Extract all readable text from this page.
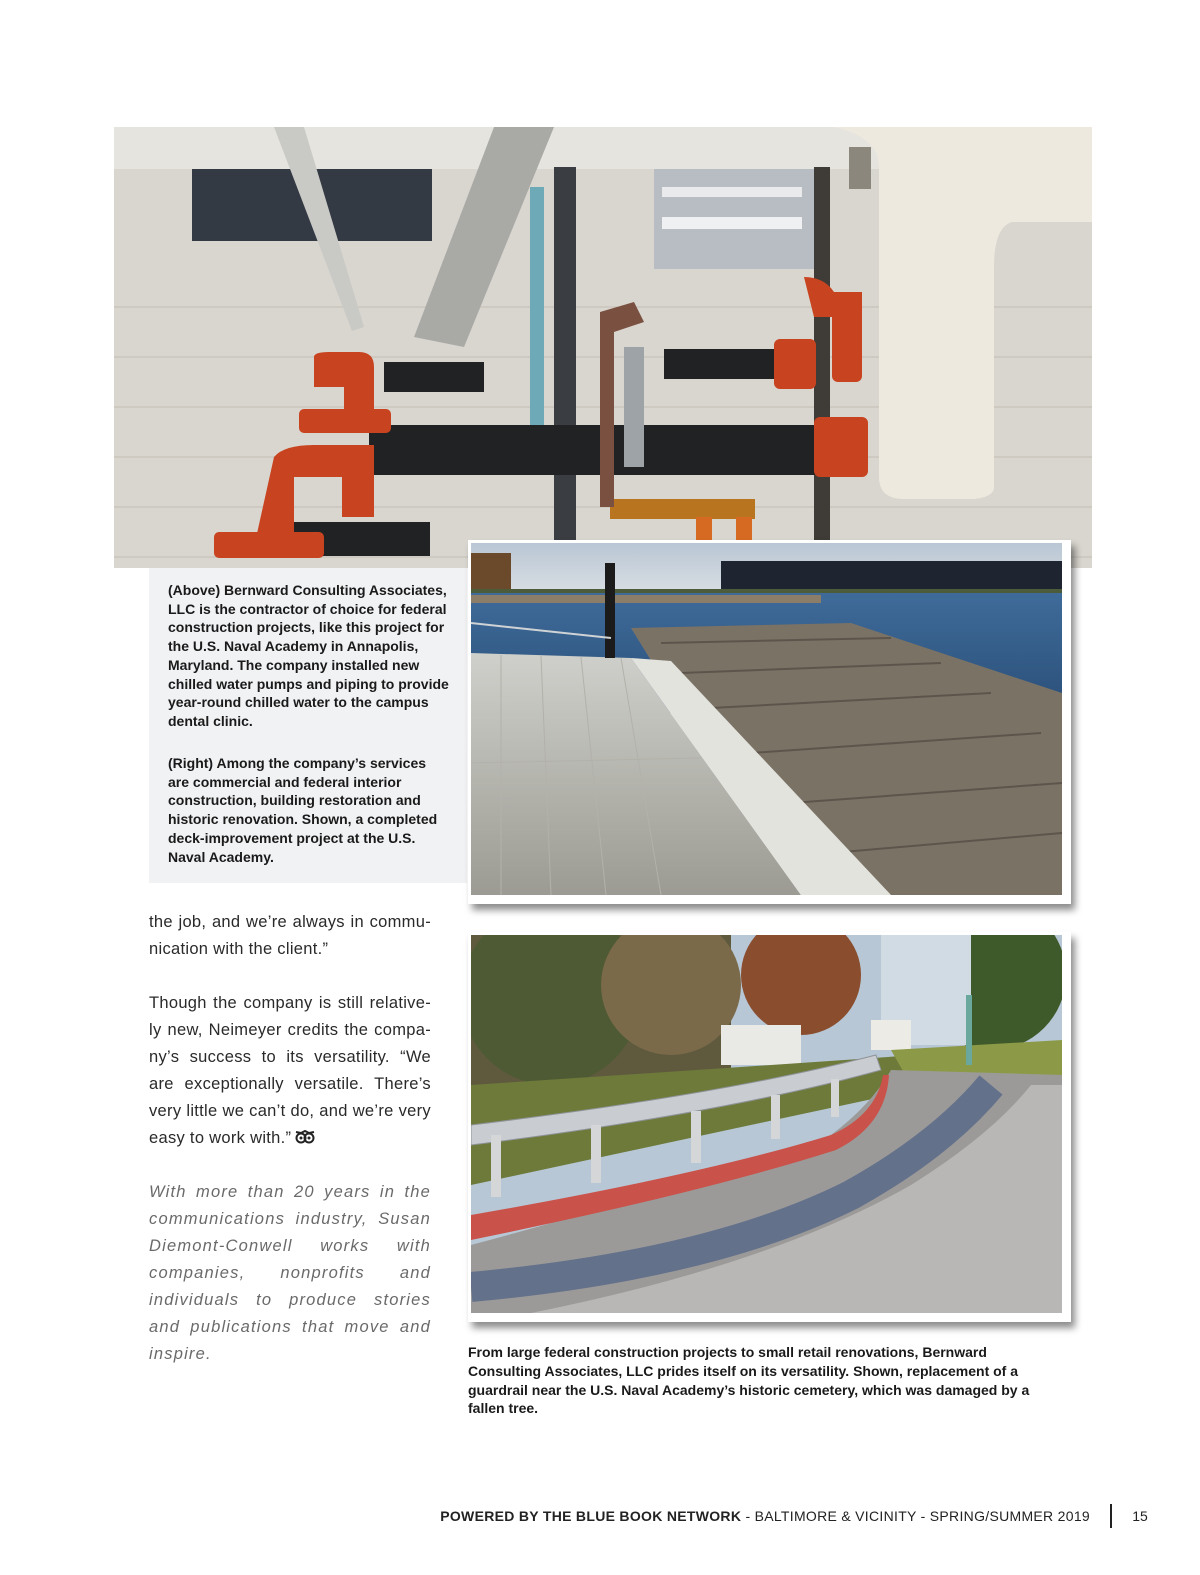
(Above) Bernward Consulting Associates, LLC is the contractor of choice for federal construction projects, like this project for the U.S. Naval Academy in Annapolis, Maryland. The company installed new chilled water pumps and piping to provide year-round chilled water to the campus dental clinic.
(Right) Among the company’s services are commercial and federal interior construction, building restoration and historic renovation. Shown, a completed deck-improvement project at the U.S. Naval Academy.
the job, and we’re always in commu-nication with the client.”
Though the company is still relative-ly new, Neimeyer credits the compa-ny’s success to its versatility. “We are exceptionally versatile. There’s very little we can’t do, and we’re very easy to work with.”
With more than 20 years in the communications industry, Susan Diemont-Conwell works with companies, nonprofits and individuals to produce stories and publications that move and inspire.	From large federal construction projects to small retail renovations, Bernward Consulting Associates, LLC prides itself on its versatility. Shown, replacement of a guardrail near the U.S. Naval Academy’s historic cemetery, which was damaged by a fallen tree.
POWERED BY THE BLUE BOOK NETWORK - BALTIMORE & VICINITY - SPRING/SUMMER 2019	15
